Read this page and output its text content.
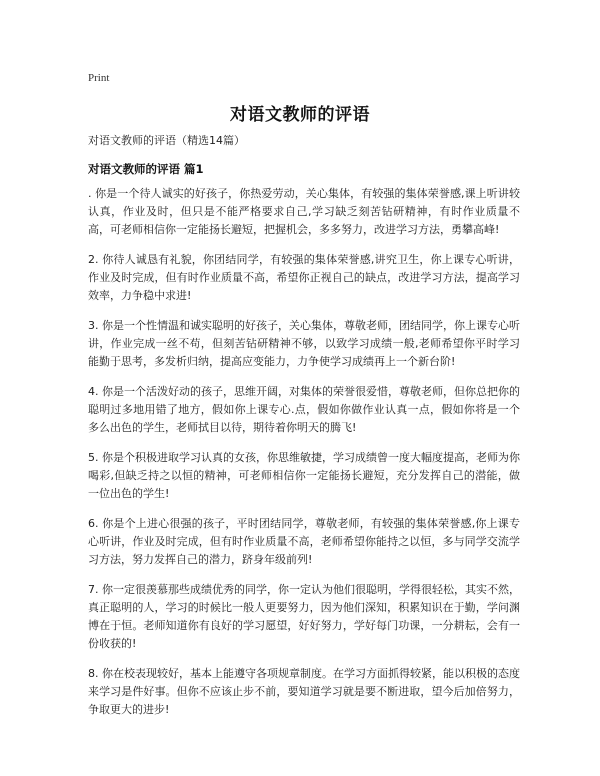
Print
对语文教师的评语
对语文教师的评语（精选14篇）
对语文教师的评语 篇1

. 你是一个待人诚实的好孩子，你热爱劳动，关心集体，有较强的集体荣誉感,课上听讲较认真，作业及时，但只是不能严格要求自己,学习缺乏刻苦钻研精神，有时作业质量不高，可老师相信你一定能扬长避短，把握机会，多多努力，改进学习方法，勇攀高峰!

2. 你待人诚恳有礼貌，你团结同学，有较强的集体荣誉感,讲究卫生，你上课专心听讲，作业及时完成，但有时作业质量不高，希望你正视自己的缺点，改进学习方法，提高学习效率，力争稳中求进!

3. 你是一个性情温和诚实聪明的好孩子，关心集体，尊敬老师，团结同学，你上课专心听讲，作业完成一丝不苟，但刻苦钻研精神不够，以致学习成绩一般,老师希望你平时学习能勤于思考，多发析归纳，提高应变能力，力争使学习成绩再上一个新台阶!

4. 你是一个活泼好动的孩子，思维开阔，对集体的荣誉很爱惜，尊敬老师，但你总把你的聪明过多地用错了地方，假如你上课专心.点，假如你做作业认真一点，假如你将是一个多么出色的学生，老师拭目以待，期待着你明天的腾飞!

5. 你是个积极进取学习认真的女孩，你思维敏捷，学习成绩曾一度大幅度提高，老师为你喝彩,但缺乏持之以恒的精神，可老师相信你一定能扬长避短，充分发挥自己的潜能，做一位出色的学生!

6. 你是个上进心很强的孩子，平时团结同学，尊敬老师，有较强的集体荣誉感,你上课专心听讲，作业及时完成，但有时作业质量不高，老师希望你能持之以恒，多与同学交流学习方法，努力发挥自己的潜力，跻身年级前列!

7. 你一定很羡慕那些成绩优秀的同学，你一定认为他们很聪明，学得很轻松，其实不然，真正聪明的人，学习的时候比一般人更要努力，因为他们深知，积累知识在于勤，学问渊博在于恒。老师知道你有良好的学习愿望，好好努力，学好每门功课，一分耕耘，会有一份收获的!

8. 你在校表现较好，基本上能遵守各项规章制度。在学习方面抓得较紧，能以积极的态度来学习是件好事。但你不应该止步不前，要知道学习就是要不断进取，望今后加倍努力，争取更大的进步!
